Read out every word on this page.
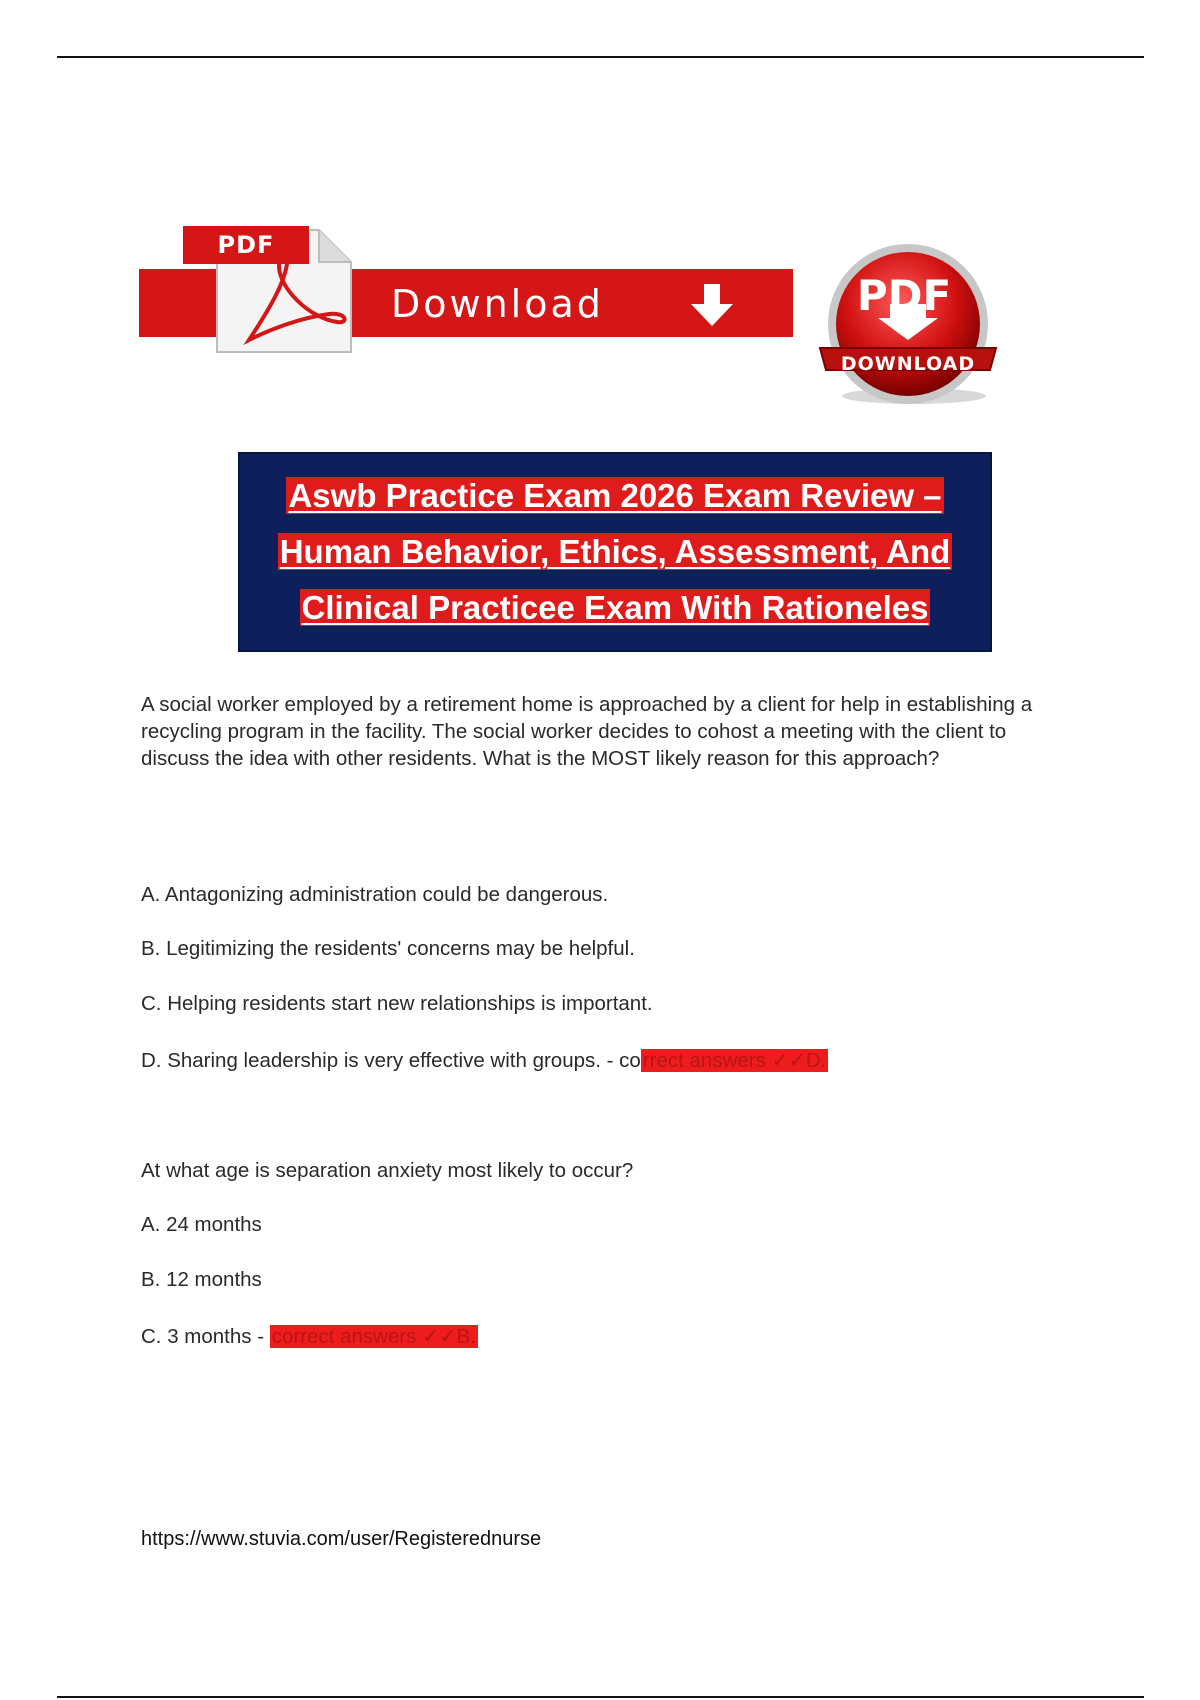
PDF
Download	PDF
DOWNLOAD
Aswb Practice Exam 2026 Exam Review –
Human Behavior, Ethics, Assessment, And
Clinical Practicee Exam With Rationeles
A social worker employed by a retirement home is approached by a client for help in establishing a recycling program in the facility. The social worker decides to cohost a meeting with the client to discuss the idea with other residents. What is the MOST likely reason for this approach?
A. Antagonizing administration could be dangerous.
B. Legitimizing the residents' concerns may be helpful.
C. Helping residents start new relationships is important.
D. Sharing leadership is very effective with groups. - correct answers ✓✓D.
At what age is separation anxiety most likely to occur?
A. 24 months
B. 12 months
C. 3 months - correct answers ✓✓B.
https://www.stuvia.com/user/Registerednurse
